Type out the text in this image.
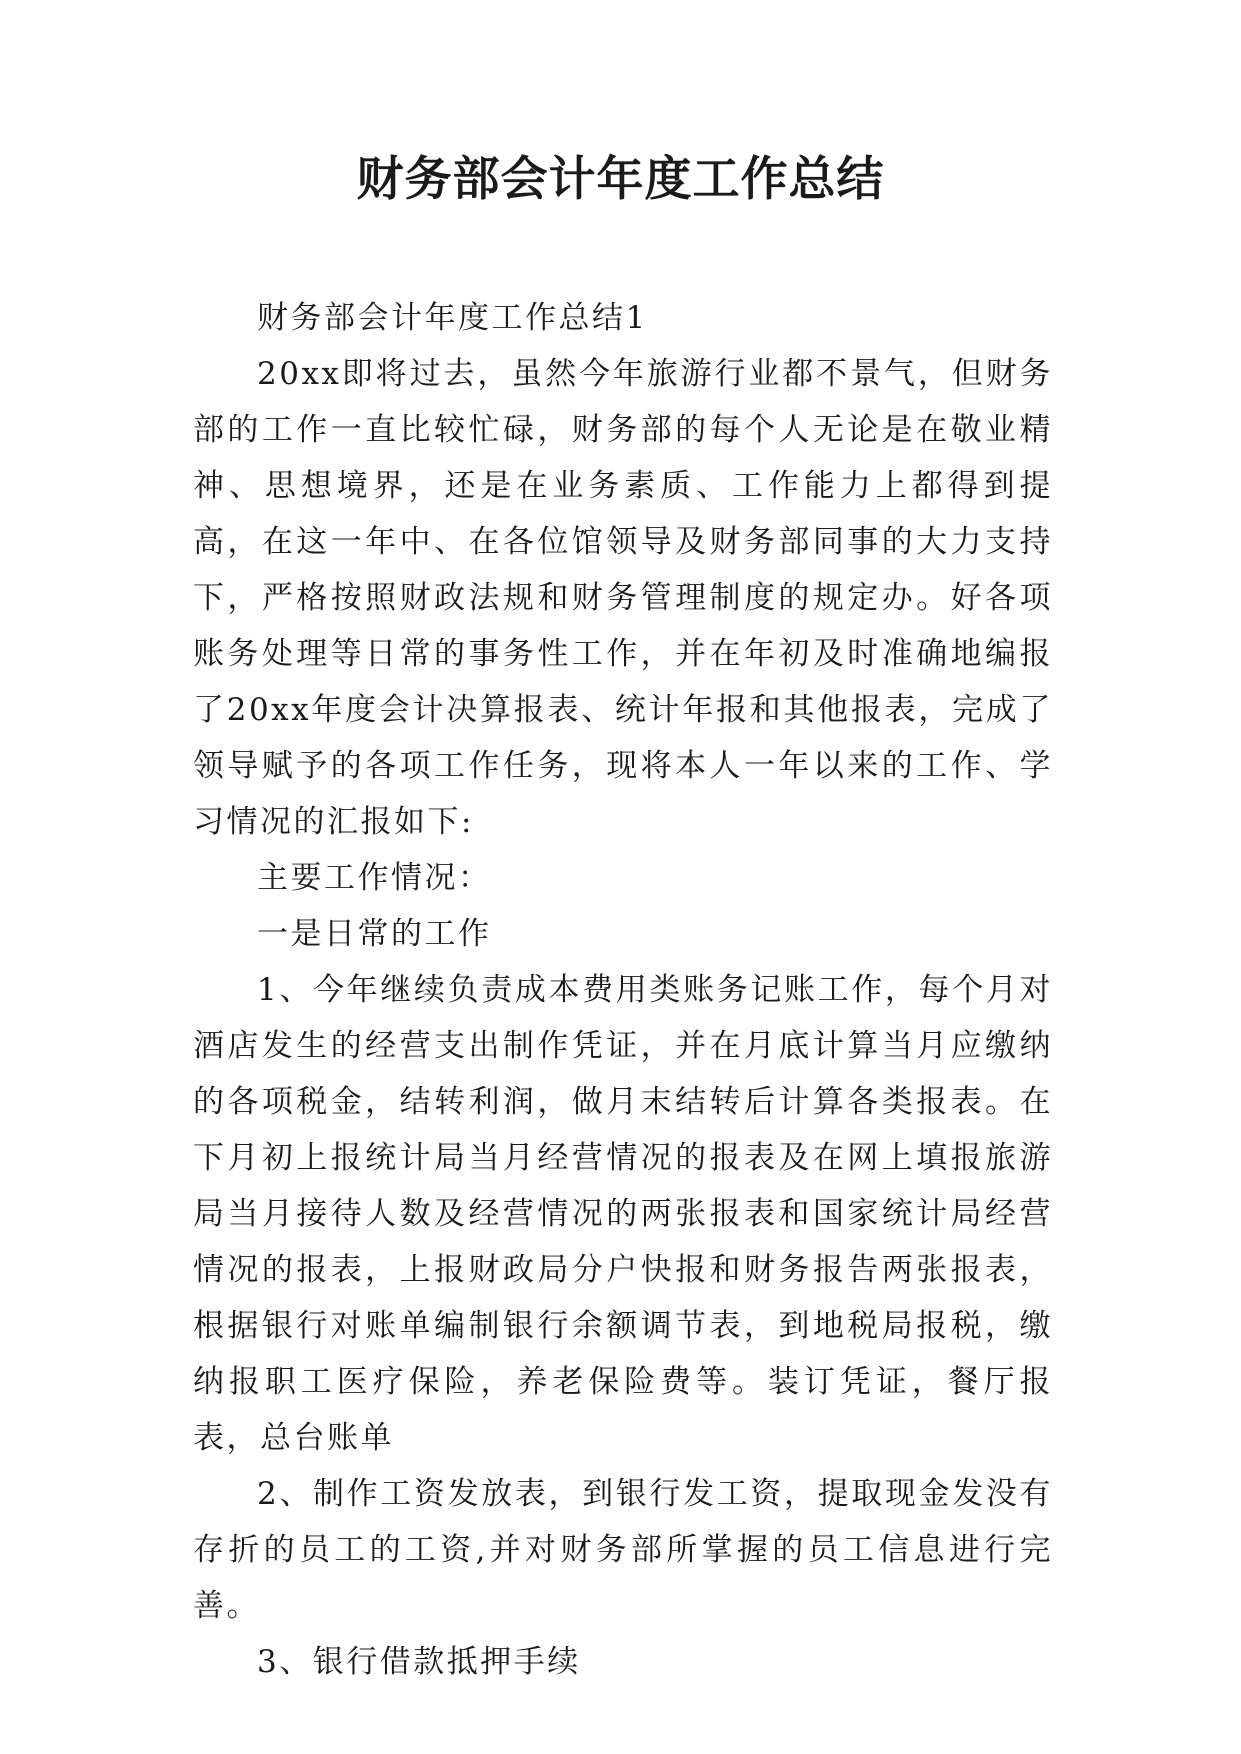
财务部会计年度工作总结

财务部会计年度工作总结1

20xx即将过去，虽然今年旅游行业都不景气，但财务部的工作一直比较忙碌，财务部的每个人无论是在敬业精神、思想境界，还是在业务素质、工作能力上都得到提高，在这一年中、在各位馆领导及财务部同事的大力支持下，严格按照财政法规和财务管理制度的规定办。好各项账务处理等日常的事务性工作，并在年初及时准确地编报了20xx年度会计决算报表、统计年报和其他报表，完成了领导赋予的各项工作任务，现将本人一年以来的工作、学习情况的汇报如下:

主要工作情况：

一是日常的工作

1、今年继续负责成本费用类账务记账工作，每个月对酒店发生的经营支出制作凭证，并在月底计算当月应缴纳的各项税金，结转利润，做月末结转后计算各类报表。在下月初上报统计局当月经营情况的报表及在网上填报旅游局当月接待人数及经营情况的两张报表和国家统计局经营情况的报表，上报财政局分户快报和财务报告两张报表，根据银行对账单编制银行余额调节表，到地税局报税，缴纳报职工医疗保险，养老保险费等。装订凭证，餐厅报表，总台账单

2、制作工资发放表，到银行发工资，提取现金发没有存折的员工的工资,并对财务部所掌握的员工信息进行完善。

3、银行借款抵押手续
